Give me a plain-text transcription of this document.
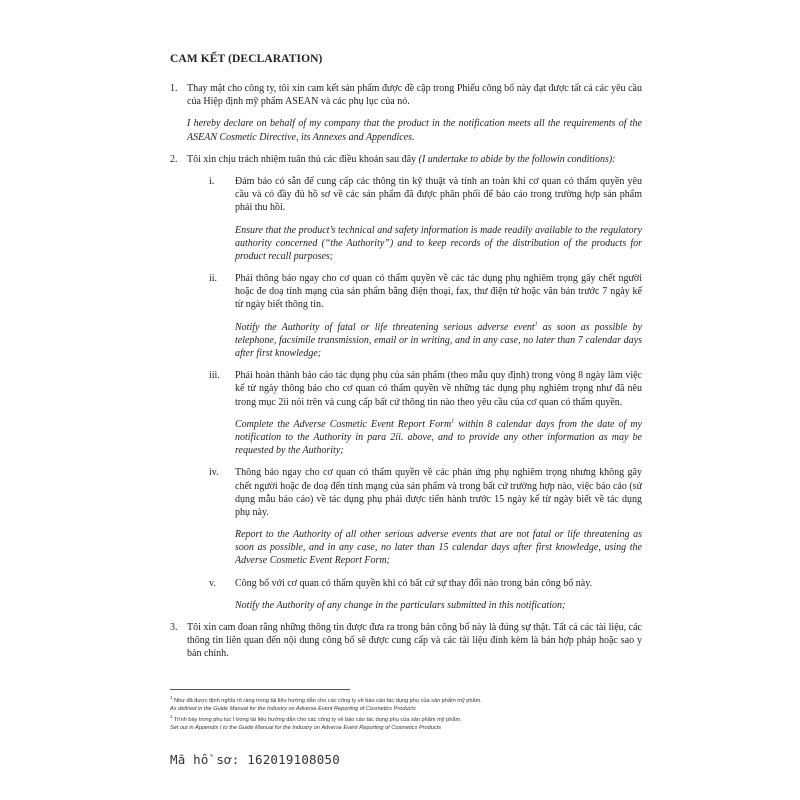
CAM KẾT (DECLARATION)
1. Thay mặt cho công ty, tôi xin cam kết sản phẩm được đề cập trong Phiếu công bố này đạt được tất cả các yêu cầu của Hiệp định mỹ phẩm ASEAN và các phụ lục của nó.

I hereby declare on behalf of my company that the product in the notification meets all the requirements of the ASEAN Cosmetic Directive, its Annexes and Appendices.

2. Tôi xin chịu trách nhiệm tuân thủ các điều khoản sau đây (I undertake to abide by the followin conditions):

i. Đảm bảo có sẵn để cung cấp các thông tin kỹ thuật và tính an toàn khi cơ quan có thẩm quyền yêu cầu và có đầy đủ hồ sơ về các sản phẩm đã được phân phối để báo cáo trong trường hợp sản phẩm phải thu hồi.

Ensure that the product’s technical and safety information is made readily available to the regulatory authority concerned (“the Authority”) and to keep records of the distribution of the products for product recall purposes;

ii. Phải thông báo ngay cho cơ quan có thẩm quyền về các tác dụng phụ nghiêm trọng gây chết người hoặc đe doạ tính mạng của sản phẩm bằng điện thoại, fax, thư điện tử hoặc văn bản trước 7 ngày kể từ ngày biết thông tin.

Notify the Authority of fatal or life threatening serious adverse event$^1$ as soon as possible by telephone, facsimile transmission, email or in writing, and in any case, no later than 7 calendar days after first knowledge;

iii. Phải hoàn thành báo cáo tác dụng phụ của sản phẩm (theo mẫu quy định) trong vòng 8 ngày làm việc kể từ ngày thông báo cho cơ quan có thẩm quyền về những tác dụng phụ nghiêm trọng như đã nêu trong mục 2ii nói trên và cung cấp bất cứ thông tin nào theo yêu cầu của cơ quan có thẩm quyền.

Complete the Adverse Cosmetic Event Report Form$^1$ within 8 calendar days from the date of my notification to the Authority in para 2ii. above, and to provide any other information as may be requested by the Authority;

iv. Thông báo ngay cho cơ quan có thẩm quyền về các phản ứng phụ nghiêm trọng nhưng không gây chết người hoặc đe doạ đến tính mạng của sản phẩm và trong bất cứ trường hợp nào, việc báo cáo (sử dụng mẫu báo cáo) về tác dụng phụ phải được tiến hành trước 15 ngày kể từ ngày biết về tác dụng phụ này.

Report to the Authority of all other serious adverse events that are not fatal or life threatening as soon as possible, and in any case, no later than 15 calendar days after first knowledge, using the Adverse Cosmetic Event Report Form;

v. Công bố với cơ quan có thẩm quyền khi có bất cứ sự thay đổi nào trong bản công bố này.

Notify the Authority of any change in the particulars submitted in this notification;

3. Tôi xin cam đoan rằng những thông tin được đưa ra trong bản công bố này là đúng sự thật. Tất cả các tài liệu, các thông tin liên quan đến nội dung công bố sẽ được cung cấp và các tài liệu đính kèm là bản hợp pháp hoặc sao y bản chính.

$^1$ Như đã được định nghĩa rõ ràng trong tài liệu hướng dẫn cho các công ty về báo cáo tác dụng phụ của sản phẩm mỹ phẩm.
As defined in the Guide Manual for the Industry on Adverse Event Reporting of Cosmetics Products
$^1$ Trình bày trong phụ lục I trong tài liệu hướng dẫn cho các công ty về báo cáo tác dụng phụ của sản phẩm mỹ phẩm.
Set out in Appendix I to the Guide Manual for the Industry on Adverse Event Reporting of Cosmetics Products
Mã hồ sơ: 162019108050
